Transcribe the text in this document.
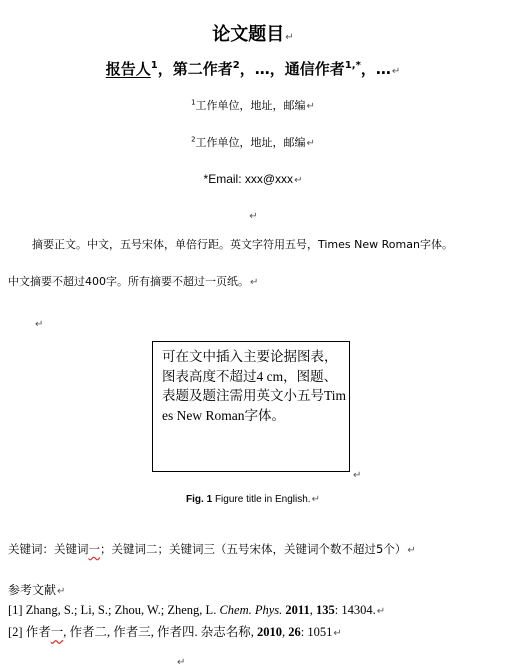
论文题目↵
报告人$^1$，第二作者$^2$，…，通信作者$^{1,*}$，…↵
$^1$工作单位，地址，邮编↵
$^2$工作单位，地址，邮编↵
*Email: xxx@xxx↵
↵
摘要正文。中文，五号宋体，单倍行距。英文字符用五号，Times New Roman字体。
中文摘要不超过400字。所有摘要不超过一页纸。↵
↵
可在文中插入主要论据图表，图表高度不超过4 cm，图题、表题及题注需用英文小五号Times New Roman字体。
↵
Fig. 1 Figure title in English.↵
关键词：关键词一；关键词二；关键词三（五号宋体，关键词个数不超过5个）↵
参考文献↵
[1] Zhang, S.; Li, S.; Zhou, W.; Zheng, L. Chem. Phys. 2011, 135: 14304.↵
[2] 作者一, 作者二, 作者三, 作者四. 杂志名称, 2010, 26: 1051↵
↵
